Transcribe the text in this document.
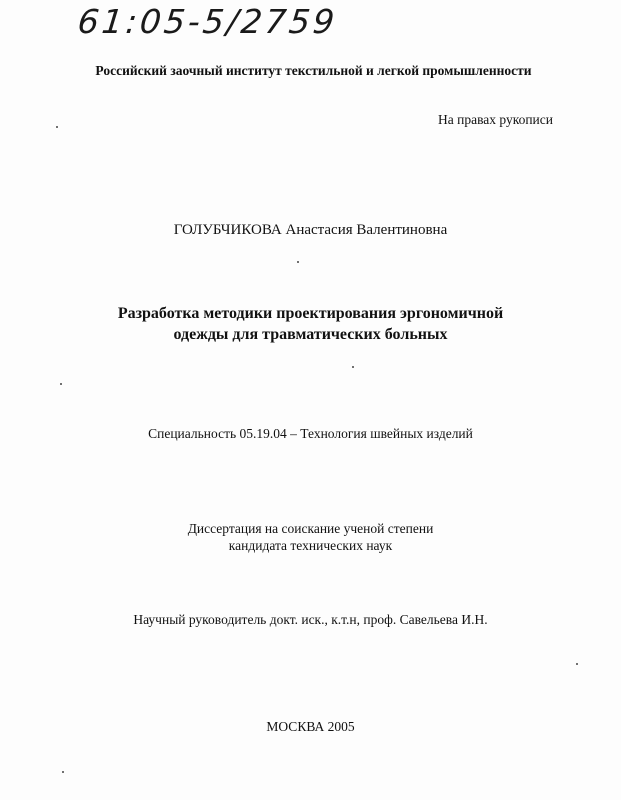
61:05-5/2759
Российский заочный институт текстильной и легкой промышленности
На правах рукописи
ГОЛУБЧИКОВА Анастасия Валентиновна
Разработка методики проектирования эргономичной
одежды для травматических больных
Специальность 05.19.04 – Технология швейных изделий
Диссертация на соискание ученой степени
кандидата технических наук
Научный руководитель докт. иск., к.т.н, проф. Савельева И.Н.
МОСКВА 2005
